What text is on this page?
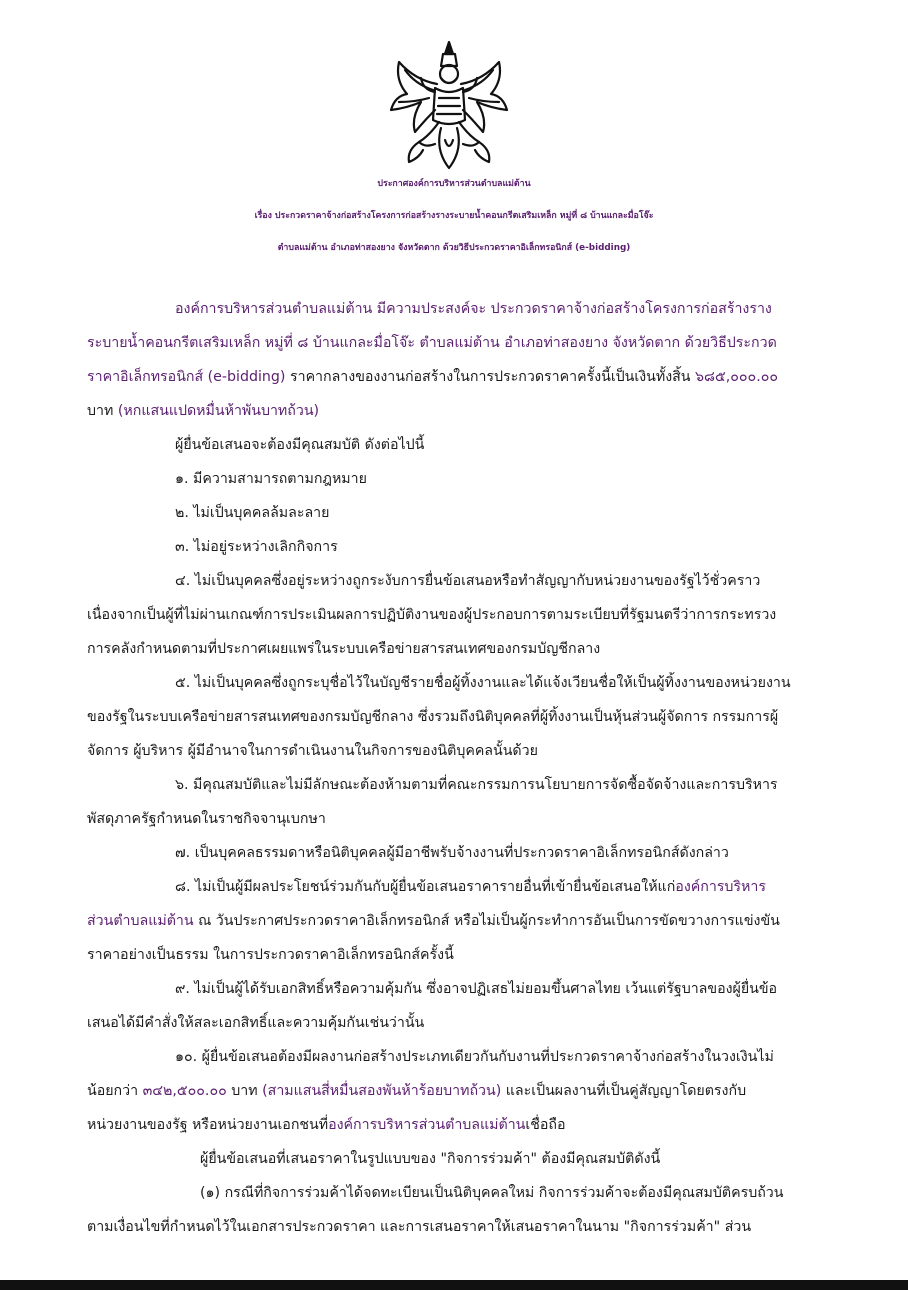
ประกาศองค์การบริหารส่วนตำบลแม่ต้าน
เรื่อง ประกวดราคาจ้างก่อสร้างโครงการก่อสร้างรางระบายน้ำคอนกรีตเสริมเหล็ก หมู่ที่ ๘ บ้านแกละมื่อโจ๊ะ
ตำบลแม่ต้าน อำเภอท่าสองยาง จังหวัดตาก ด้วยวิธีประกวดราคาอิเล็กทรอนิกส์ (e-bidding)
องค์การบริหารส่วนตำบลแม่ต้าน มีความประสงค์จะ ประกวดราคาจ้างก่อสร้างโครงการก่อสร้างราง
ระบายน้ำคอนกรีตเสริมเหล็ก หมู่ที่ ๘ บ้านแกละมื่อโจ๊ะ ตำบลแม่ต้าน อำเภอท่าสองยาง จังหวัดตาก ด้วยวิธีประกวด
ราคาอิเล็กทรอนิกส์ (e-bidding) ราคากลางของงานก่อสร้างในการประกวดราคาครั้งนี้เป็นเงินทั้งสิ้น ๖๘๕,๐๐๐.๐๐
บาท (หกแสนแปดหมื่นห้าพันบาทถ้วน)
ผู้ยื่นข้อเสนอจะต้องมีคุณสมบัติ ดังต่อไปนี้
๑. มีความสามารถตามกฎหมาย
๒. ไม่เป็นบุคคลล้มละลาย
๓. ไม่อยู่ระหว่างเลิกกิจการ
๔. ไม่เป็นบุคคลซึ่งอยู่ระหว่างถูกระงับการยื่นข้อเสนอหรือทำสัญญากับหน่วยงานของรัฐไว้ชั่วคราว
เนื่องจากเป็นผู้ที่ไม่ผ่านเกณฑ์การประเมินผลการปฏิบัติงานของผู้ประกอบการตามระเบียบที่รัฐมนตรีว่าการกระทรวง
การคลังกำหนดตามที่ประกาศเผยแพร่ในระบบเครือข่ายสารสนเทศของกรมบัญชีกลาง
๕. ไม่เป็นบุคคลซึ่งถูกระบุชื่อไว้ในบัญชีรายชื่อผู้ทิ้งงานและได้แจ้งเวียนชื่อให้เป็นผู้ทิ้งงานของหน่วยงาน
ของรัฐในระบบเครือข่ายสารสนเทศของกรมบัญชีกลาง ซึ่งรวมถึงนิติบุคคลที่ผู้ทิ้งงานเป็นหุ้นส่วนผู้จัดการ กรรมการผู้
จัดการ ผู้บริหาร ผู้มีอำนาจในการดำเนินงานในกิจการของนิติบุคคลนั้นด้วย
๖. มีคุณสมบัติและไม่มีลักษณะต้องห้ามตามที่คณะกรรมการนโยบายการจัดซื้อจัดจ้างและการบริหาร
พัสดุภาครัฐกำหนดในราชกิจจานุเบกษา
๗. เป็นบุคคลธรรมดาหรือนิติบุคคลผู้มีอาชีพรับจ้างงานที่ประกวดราคาอิเล็กทรอนิกส์ดังกล่าว
๘. ไม่เป็นผู้มีผลประโยชน์ร่วมกันกับผู้ยื่นข้อเสนอราคารายอื่นที่เข้ายื่นข้อเสนอให้แก่องค์การบริหาร
ส่วนตำบลแม่ต้าน ณ วันประกาศประกวดราคาอิเล็กทรอนิกส์ หรือไม่เป็นผู้กระทำการอันเป็นการขัดขวางการแข่งขัน
ราคาอย่างเป็นธรรม ในการประกวดราคาอิเล็กทรอนิกส์ครั้งนี้
๙. ไม่เป็นผู้ได้รับเอกสิทธิ์หรือความคุ้มกัน ซึ่งอาจปฏิเสธไม่ยอมขึ้นศาลไทย เว้นแต่รัฐบาลของผู้ยื่นข้อ
เสนอได้มีคำสั่งให้สละเอกสิทธิ์และความคุ้มกันเช่นว่านั้น
๑๐. ผู้ยื่นข้อเสนอต้องมีผลงานก่อสร้างประเภทเดียวกันกับงานที่ประกวดราคาจ้างก่อสร้างในวงเงินไม่
น้อยกว่า ๓๔๒,๕๐๐.๐๐ บาท (สามแสนสี่หมื่นสองพันห้าร้อยบาทถ้วน) และเป็นผลงานที่เป็นคู่สัญญาโดยตรงกับ
หน่วยงานของรัฐ หรือหน่วยงานเอกชนที่องค์การบริหารส่วนตำบลแม่ต้านเชื่อถือ
ผู้ยื่นข้อเสนอที่เสนอราคาในรูปแบบของ "กิจการร่วมค้า" ต้องมีคุณสมบัติดังนี้
(๑) กรณีที่กิจการร่วมค้าได้จดทะเบียนเป็นนิติบุคคลใหม่ กิจการร่วมค้าจะต้องมีคุณสมบัติครบถ้วน
ตามเงื่อนไขที่กำหนดไว้ในเอกสารประกวดราคา และการเสนอราคาให้เสนอราคาในนาม "กิจการร่วมค้า" ส่วน
